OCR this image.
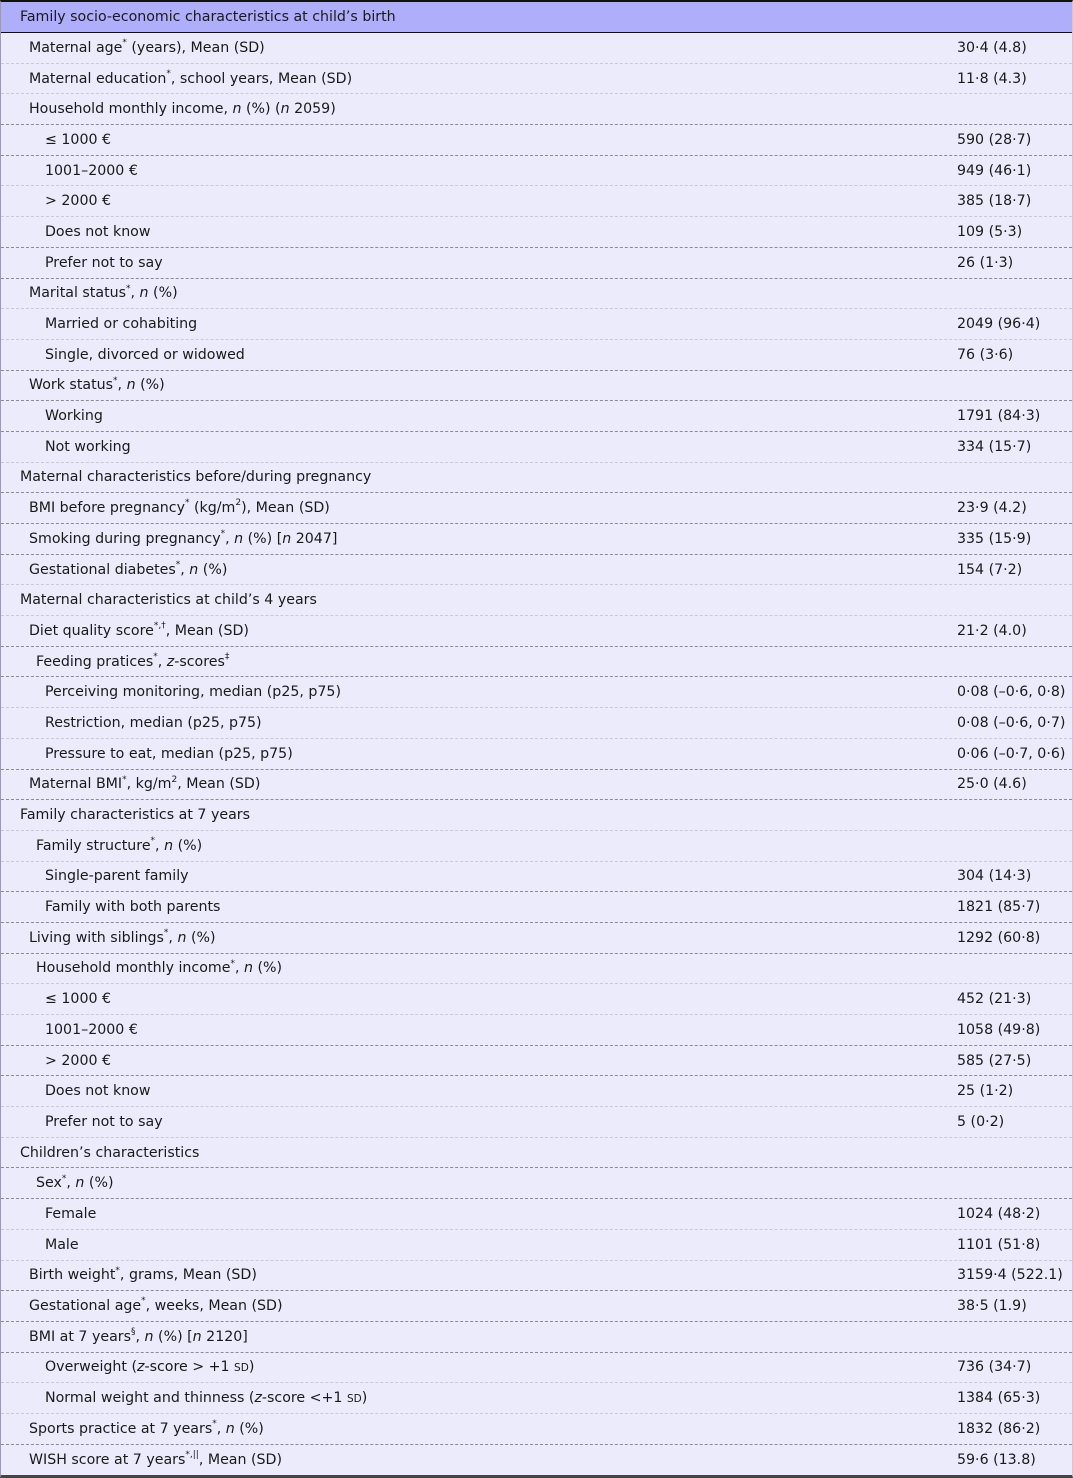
Family socio-economic characteristics at child’s birth
Maternal age* (years), Mean (SD)	30·4 (4.8)
Maternal education*, school years, Mean (SD)	11·8 (4.3)
Household monthly income, n (%) (n 2059)
≤ 1000 €	590 (28·7)
1001–2000 €	949 (46·1)
> 2000 €	385 (18·7)
Does not know	109 (5·3)
Prefer not to say	26 (1·3)
Marital status*, n (%)
Married or cohabiting	2049 (96·4)
Single, divorced or widowed	76 (3·6)
Work status*, n (%)
Working	1791 (84·3)
Not working	334 (15·7)
Maternal characteristics before/during pregnancy
BMI before pregnancy* $(kg/m^2)$, Mean (SD)	23·9 (4.2)
Smoking during pregnancy*, n (%) [n 2047]	335 (15·9)
Gestational diabetes*, n (%)	154 (7·2)
Maternal characteristics at child’s 4 years
Diet quality score*,†, Mean (SD)	21·2 (4.0)
Feeding pratices*, z-scores‡
Perceiving monitoring, median (p25, p75)	0·08 (–0·6, 0·8)
Restriction, median (p25, p75)	0·08 (–0·6, 0·7)
Pressure to eat, median (p25, p75)	0·06 (–0·7, 0·6)
Maternal BMI*, $kg/m^2$, Mean (SD)	25·0 (4.6)
Family characteristics at 7 years
Family structure*, n (%)
Single-parent family	304 (14·3)
Family with both parents	1821 (85·7)
Living with siblings*, n (%)	1292 (60·8)
Household monthly income*, n (%)
≤ 1000 €	452 (21·3)
1001–2000 €	1058 (49·8)
> 2000 €	585 (27·5)
Does not know	25 (1·2)
Prefer not to say	5 (0·2)
Children’s characteristics
Sex*, n (%)
Female	1024 (48·2)
Male	1101 (51·8)
Birth weight*, grams, Mean (SD)	3159·4 (522.1)
Gestational age*, weeks, Mean (SD)	38·5 (1.9)
BMI at 7 years§, n (%) [n 2120]
Overweight (z-score > +1 SD)	736 (34·7)
Normal weight and thinness (z-score <+1 SD)	1384 (65·3)
Sports practice at 7 years*, n (%)	1832 (86·2)
WISH score at 7 years*,||, Mean (SD)	59·6 (13.8)
